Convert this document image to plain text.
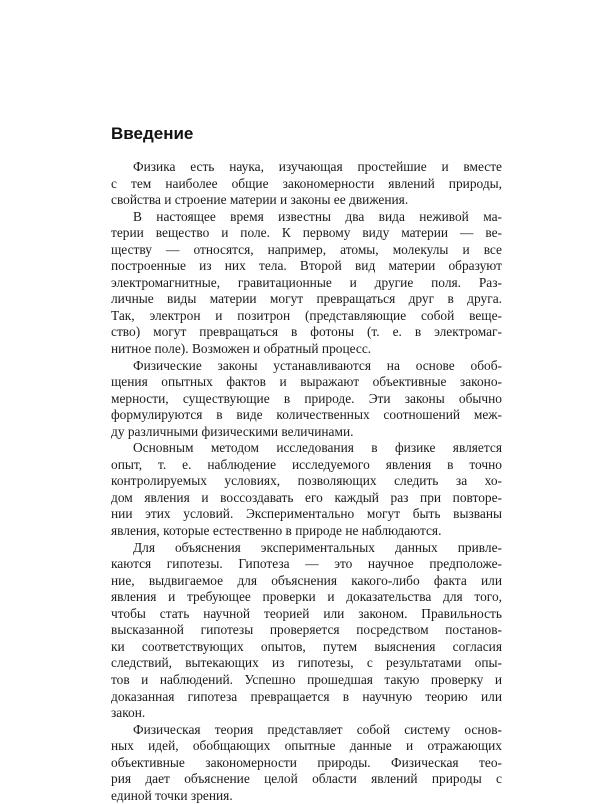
Введение

Физика есть наука, изучающая простейшие и вместе
с тем наиболее общие закономерности явлений природы,
свойства и строение материи и законы ее движения.

В настоящее время известны два вида неживой ма-
терии вещество и поле. К первому виду материи — ве-
ществу — относятся, например, атомы, молекулы и все
построенные из них тела. Второй вид материи образуют
электромагнитные, гравитационные и другие поля. Раз-
личные виды материи могут превращаться друг в друга.
Так, электрон и позитрон (представляющие собой веще-
ство) могут превращаться в фотоны (т. е. в электромаг-
нитное поле). Возможен и обратный процесс.

Физические законы устанавливаются на основе обоб-
щения опытных фактов и выражают объективные законо-
мерности, существующие в природе. Эти законы обычно
формулируются в виде количественных соотношений меж-
ду различными физическими величинами.

Основным методом исследования в физике является
опыт, т. е. наблюдение исследуемого явления в точно
контролируемых условиях, позволяющих следить за хо-
дом явления и воссоздавать его каждый раз при повторе-
нии этих условий. Экспериментально могут быть вызваны
явления, которые естественно в природе не наблюдаются.

Для объяснения экспериментальных данных привле-
каются гипотезы. Гипотеза — это научное предположе-
ние, выдвигаемое для объяснения какого-либо факта или
явления и требующее проверки и доказательства для того,
чтобы стать научной теорией или законом. Правильность
высказанной гипотезы проверяется посредством постанов-
ки соответствующих опытов, путем выяснения согласия
следствий, вытекающих из гипотезы, с результатами опы-
тов и наблюдений. Успешно прошедшая такую проверку и
доказанная гипотеза превращается в научную теорию или
закон.

Физическая теория представляет собой систему основ-
ных идей, обобщающих опытные данные и отражающих
объективные закономерности природы. Физическая тео-
рия дает объяснение целой области явлений природы с
единой точки зрения.
